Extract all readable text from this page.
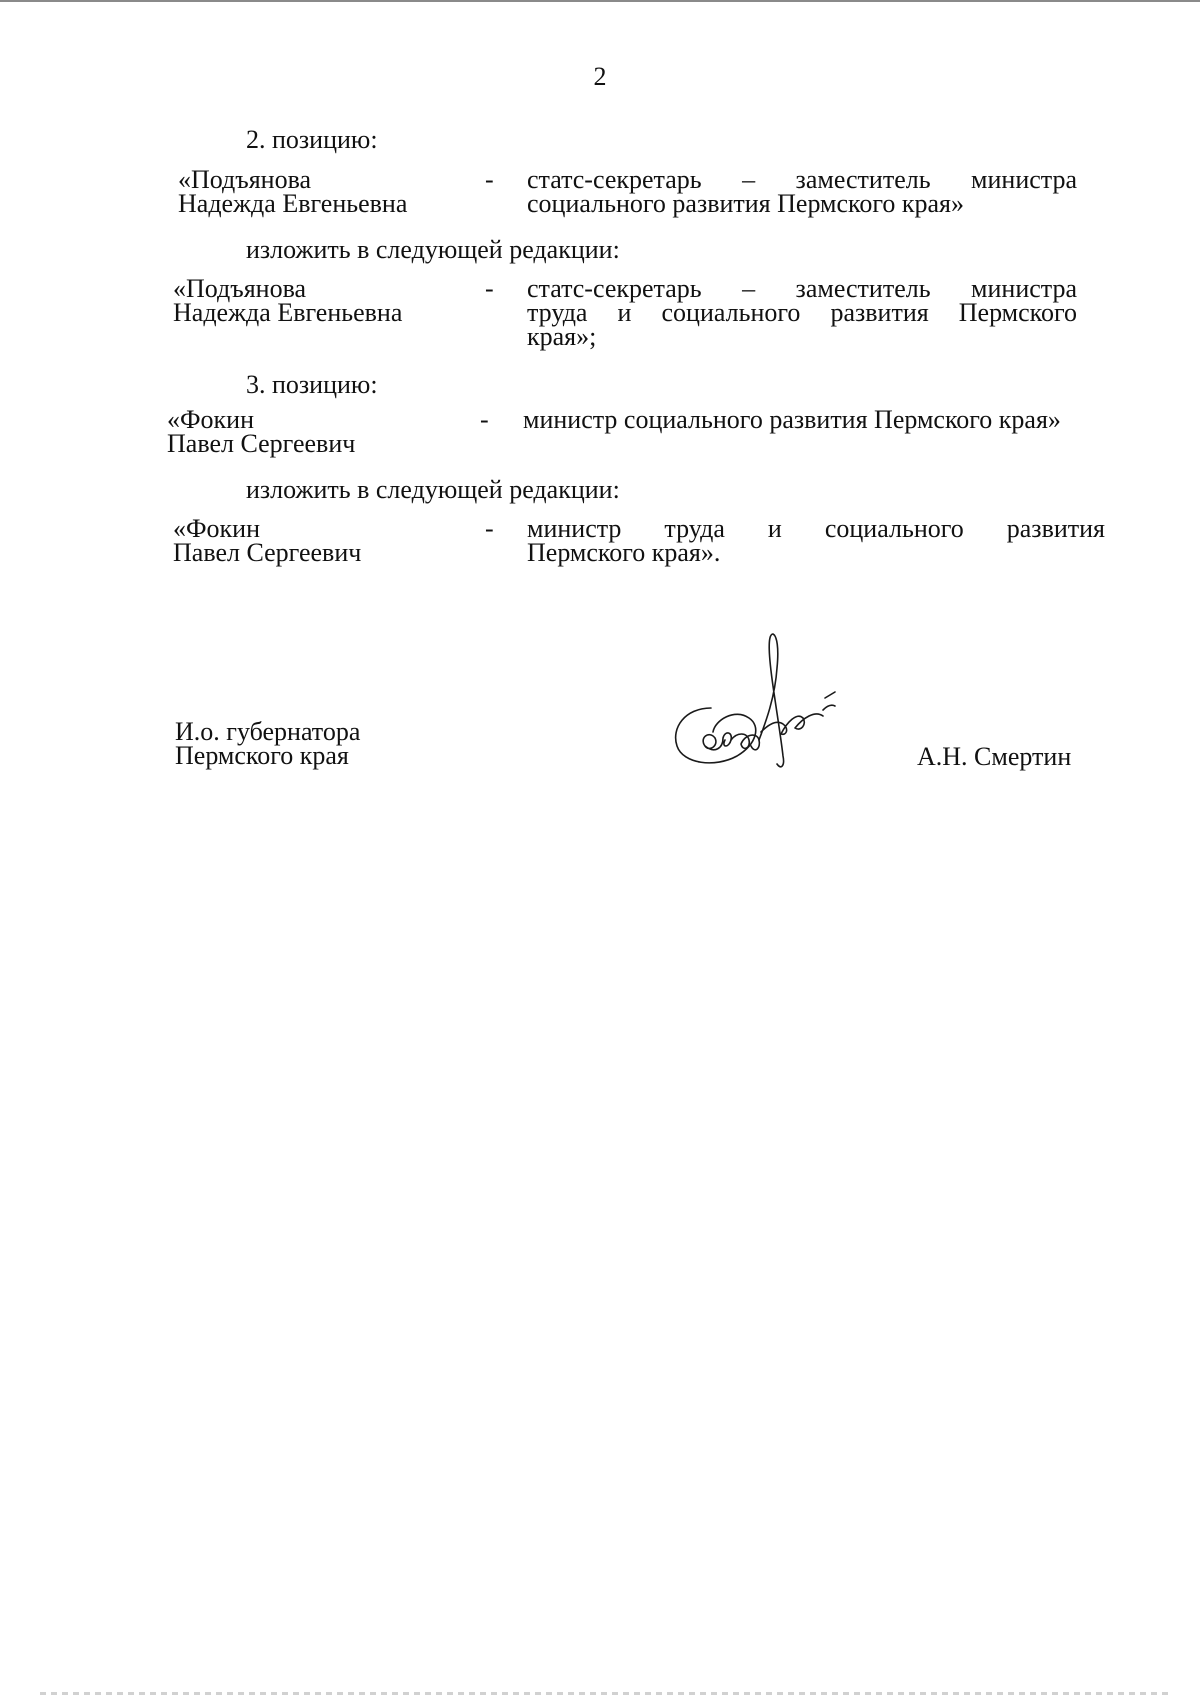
2
2. позицию:
«Подъянова
Надежда Евгеньевна
- статс-секретарь – заместитель министра
социального развития Пермского края»
изложить в следующей редакции:
«Подъянова
Надежда Евгеньевна
- статс-секретарь – заместитель министра
труда и социального развития Пермского
края»;
3. позицию:
«Фокин
Павел Сергеевич
- министр социального развития Пермского края»
изложить в следующей редакции:
«Фокин
Павел Сергеевич
- министр труда и социального развития
Пермского края».
И.о. губернатора
Пермского края	А.Н. Смертин
